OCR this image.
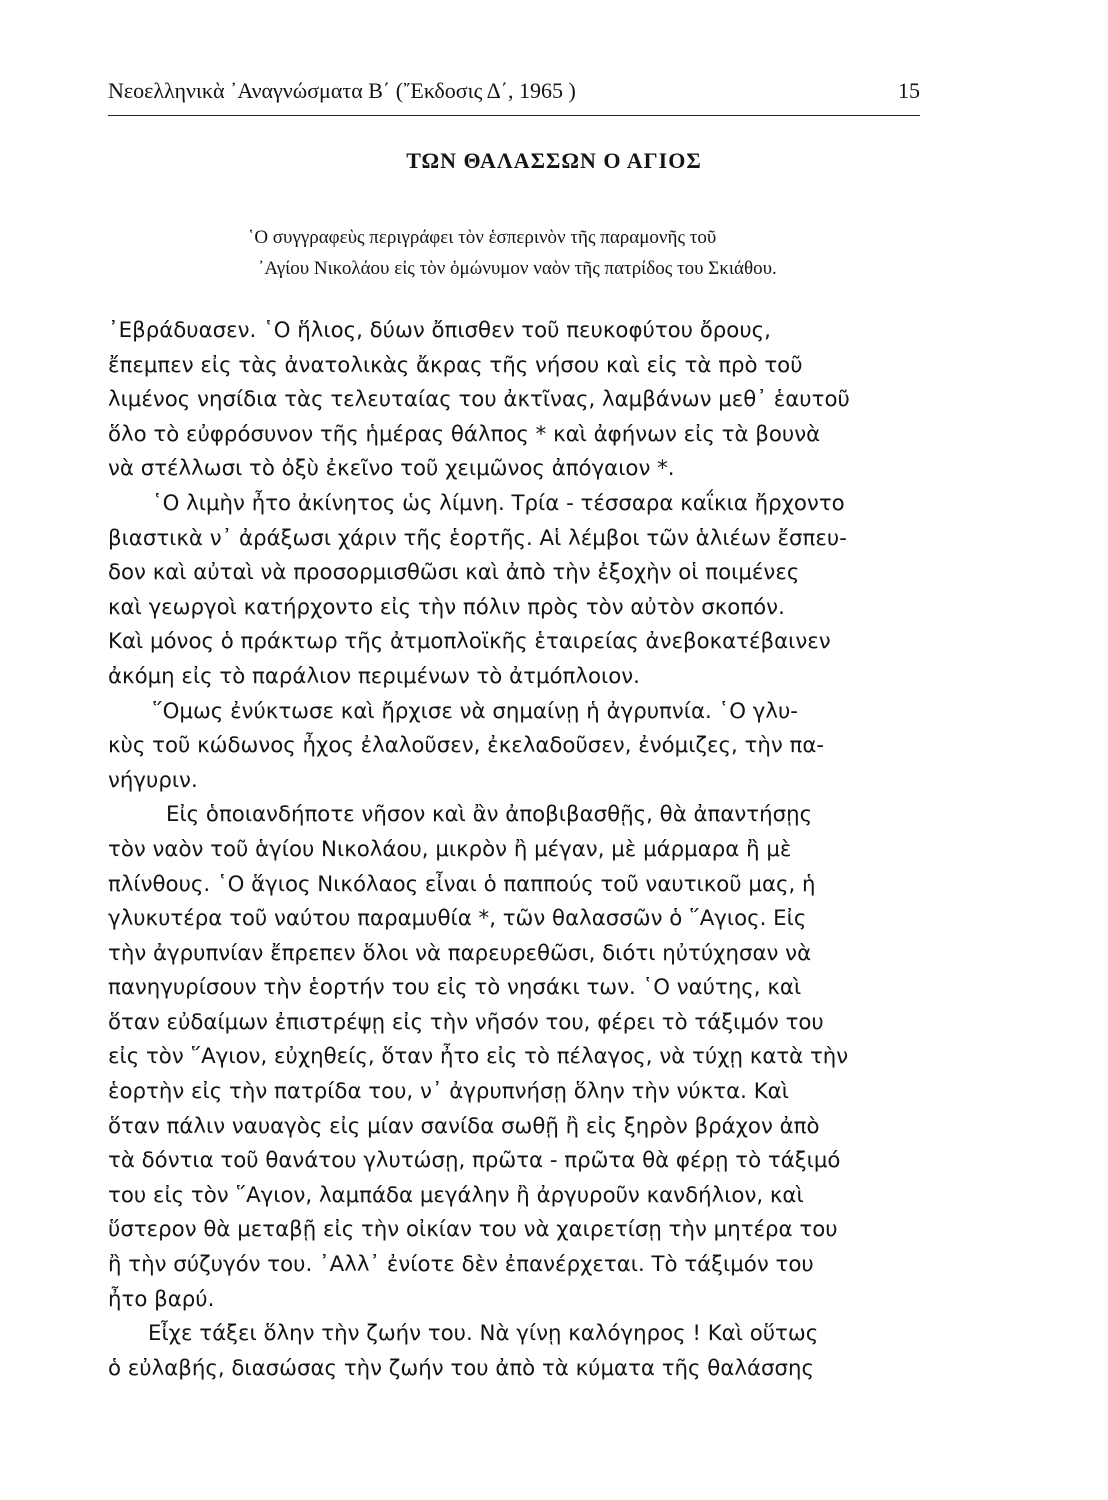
Νεοελληνικὰ ᾿Αναγνώσματα Β΄ (῎Εκδοσις Δ΄, 1965 )	15
ΤΩΝ ΘΑΛΑΣΣΩΝ Ο ΑΓΙΟΣ

῾Ο συγγραφεὺς περιγράφει τὸν ἑσπερινὸν τῆς παραμονῆς τοῦ

᾿Αγίου Νικολάου εἰς τὸν ὁμώνυμον ναὸν τῆς πατρίδος του Σκιάθου.

᾿Εβράδυασεν. ῾Ο ἥλιος, δύων ὄπισθεν τοῦ πευκοφύτου ὄρους,

ἔπεμπεν εἰς τὰς ἀνατολικὰς ἄκρας τῆς νήσου καὶ εἰς τὰ πρὸ τοῦ

λιμένος νησίδια τὰς τελευταίας του ἀκτῖνας, λαμβάνων μεθ᾿ ἑαυτοῦ

ὅλο τὸ εὐφρόσυνον τῆς ἡμέρας θάλπος * καὶ ἀφήνων εἰς τὰ βουνὰ

νὰ στέλλωσι τὸ ὀξὺ ἐκεῖνο τοῦ χειμῶνος ἀπόγαιον *.

῾Ο λιμὴν ἦτο ἀκίνητος ὡς λίμνη. Τρία - τέσσαρα καΐκια ἤρχοντο

βιαστικὰ ν᾿ ἀράξωσι χάριν τῆς ἑορτῆς. Αἱ λέμβοι τῶν ἁλιέων ἔσπευ-

δον καὶ αὐταὶ νὰ προσορμισθῶσι καὶ ἀπὸ τὴν ἐξοχὴν οἱ ποιμένες

καὶ γεωργοὶ κατήρχοντο εἰς τὴν πόλιν πρὸς τὸν αὐτὸν σκοπόν.

Καὶ μόνος ὁ πράκτωρ τῆς ἀτμοπλοϊκῆς ἑταιρείας ἀνεβοκατέβαινεν

ἀκόμη εἰς τὸ παράλιον περιμένων τὸ ἀτμόπλοιον.

῞Ομως ἐνύκτωσε καὶ ἤρχισε νὰ σημαίνῃ ἡ ἀγρυπνία. ῾Ο γλυ-

κὺς τοῦ κώδωνος ἦχος ἐλαλοῦσεν, ἐκελαδοῦσεν, ἐνόμιζες, τὴν πα-

νήγυριν.

Εἰς ὁποιανδήποτε νῆσον καὶ ἂν ἀποβιβασθῇς, θὰ ἀπαντήσῃς

τὸν ναὸν τοῦ ἁγίου Νικολάου, μικρὸν ἢ μέγαν, μὲ μάρμαρα ἢ μὲ

πλίνθους. ῾Ο ἅγιος Νικόλαος εἶναι ὁ παππούς τοῦ ναυτικοῦ μας, ἡ

γλυκυτέρα τοῦ ναύτου παραμυθία *, τῶν θαλασσῶν ὁ ῞Αγιος. Εἰς

τὴν ἀγρυπνίαν ἔπρεπεν ὅλοι νὰ παρευρεθῶσι, διότι ηὐτύχησαν νὰ

πανηγυρίσουν τὴν ἑορτήν του εἰς τὸ νησάκι των. ῾Ο ναύτης, καὶ

ὅταν εὐδαίμων ἐπιστρέψῃ εἰς τὴν νῆσόν του, φέρει τὸ τάξιμόν του

εἰς τὸν ῞Αγιον, εὐχηθείς, ὅταν ἦτο εἰς τὸ πέλαγος, νὰ τύχῃ κατὰ τὴν

ἑορτὴν εἰς τὴν πατρίδα του, ν᾿ ἀγρυπνήσῃ ὅλην τὴν νύκτα. Καὶ

ὅταν πάλιν ναυαγὸς εἰς μίαν σανίδα σωθῇ ἢ εἰς ξηρὸν βράχον ἀπὸ

τὰ δόντια τοῦ θανάτου γλυτώσῃ, πρῶτα - πρῶτα θὰ φέρῃ τὸ τάξιμό

του εἰς τὸν ῞Αγιον, λαμπάδα μεγάλην ἢ ἀργυροῦν κανδήλιον, καὶ

ὕστερον θὰ μεταβῇ εἰς τὴν οἰκίαν του νὰ χαιρετίσῃ τὴν μητέρα του

ἢ τὴν σύζυγόν του. ᾿Αλλ᾿ ἐνίοτε δὲν ἐπανέρχεται. Τὸ τάξιμόν του

ἦτο βαρύ.

Εἶχε τάξει ὅλην τὴν ζωήν του. Νὰ γίνῃ καλόγηρος ! Καὶ οὕτως

ὁ εὐλαβής, διασώσας τὴν ζωήν του ἀπὸ τὰ κύματα τῆς θαλάσσης
